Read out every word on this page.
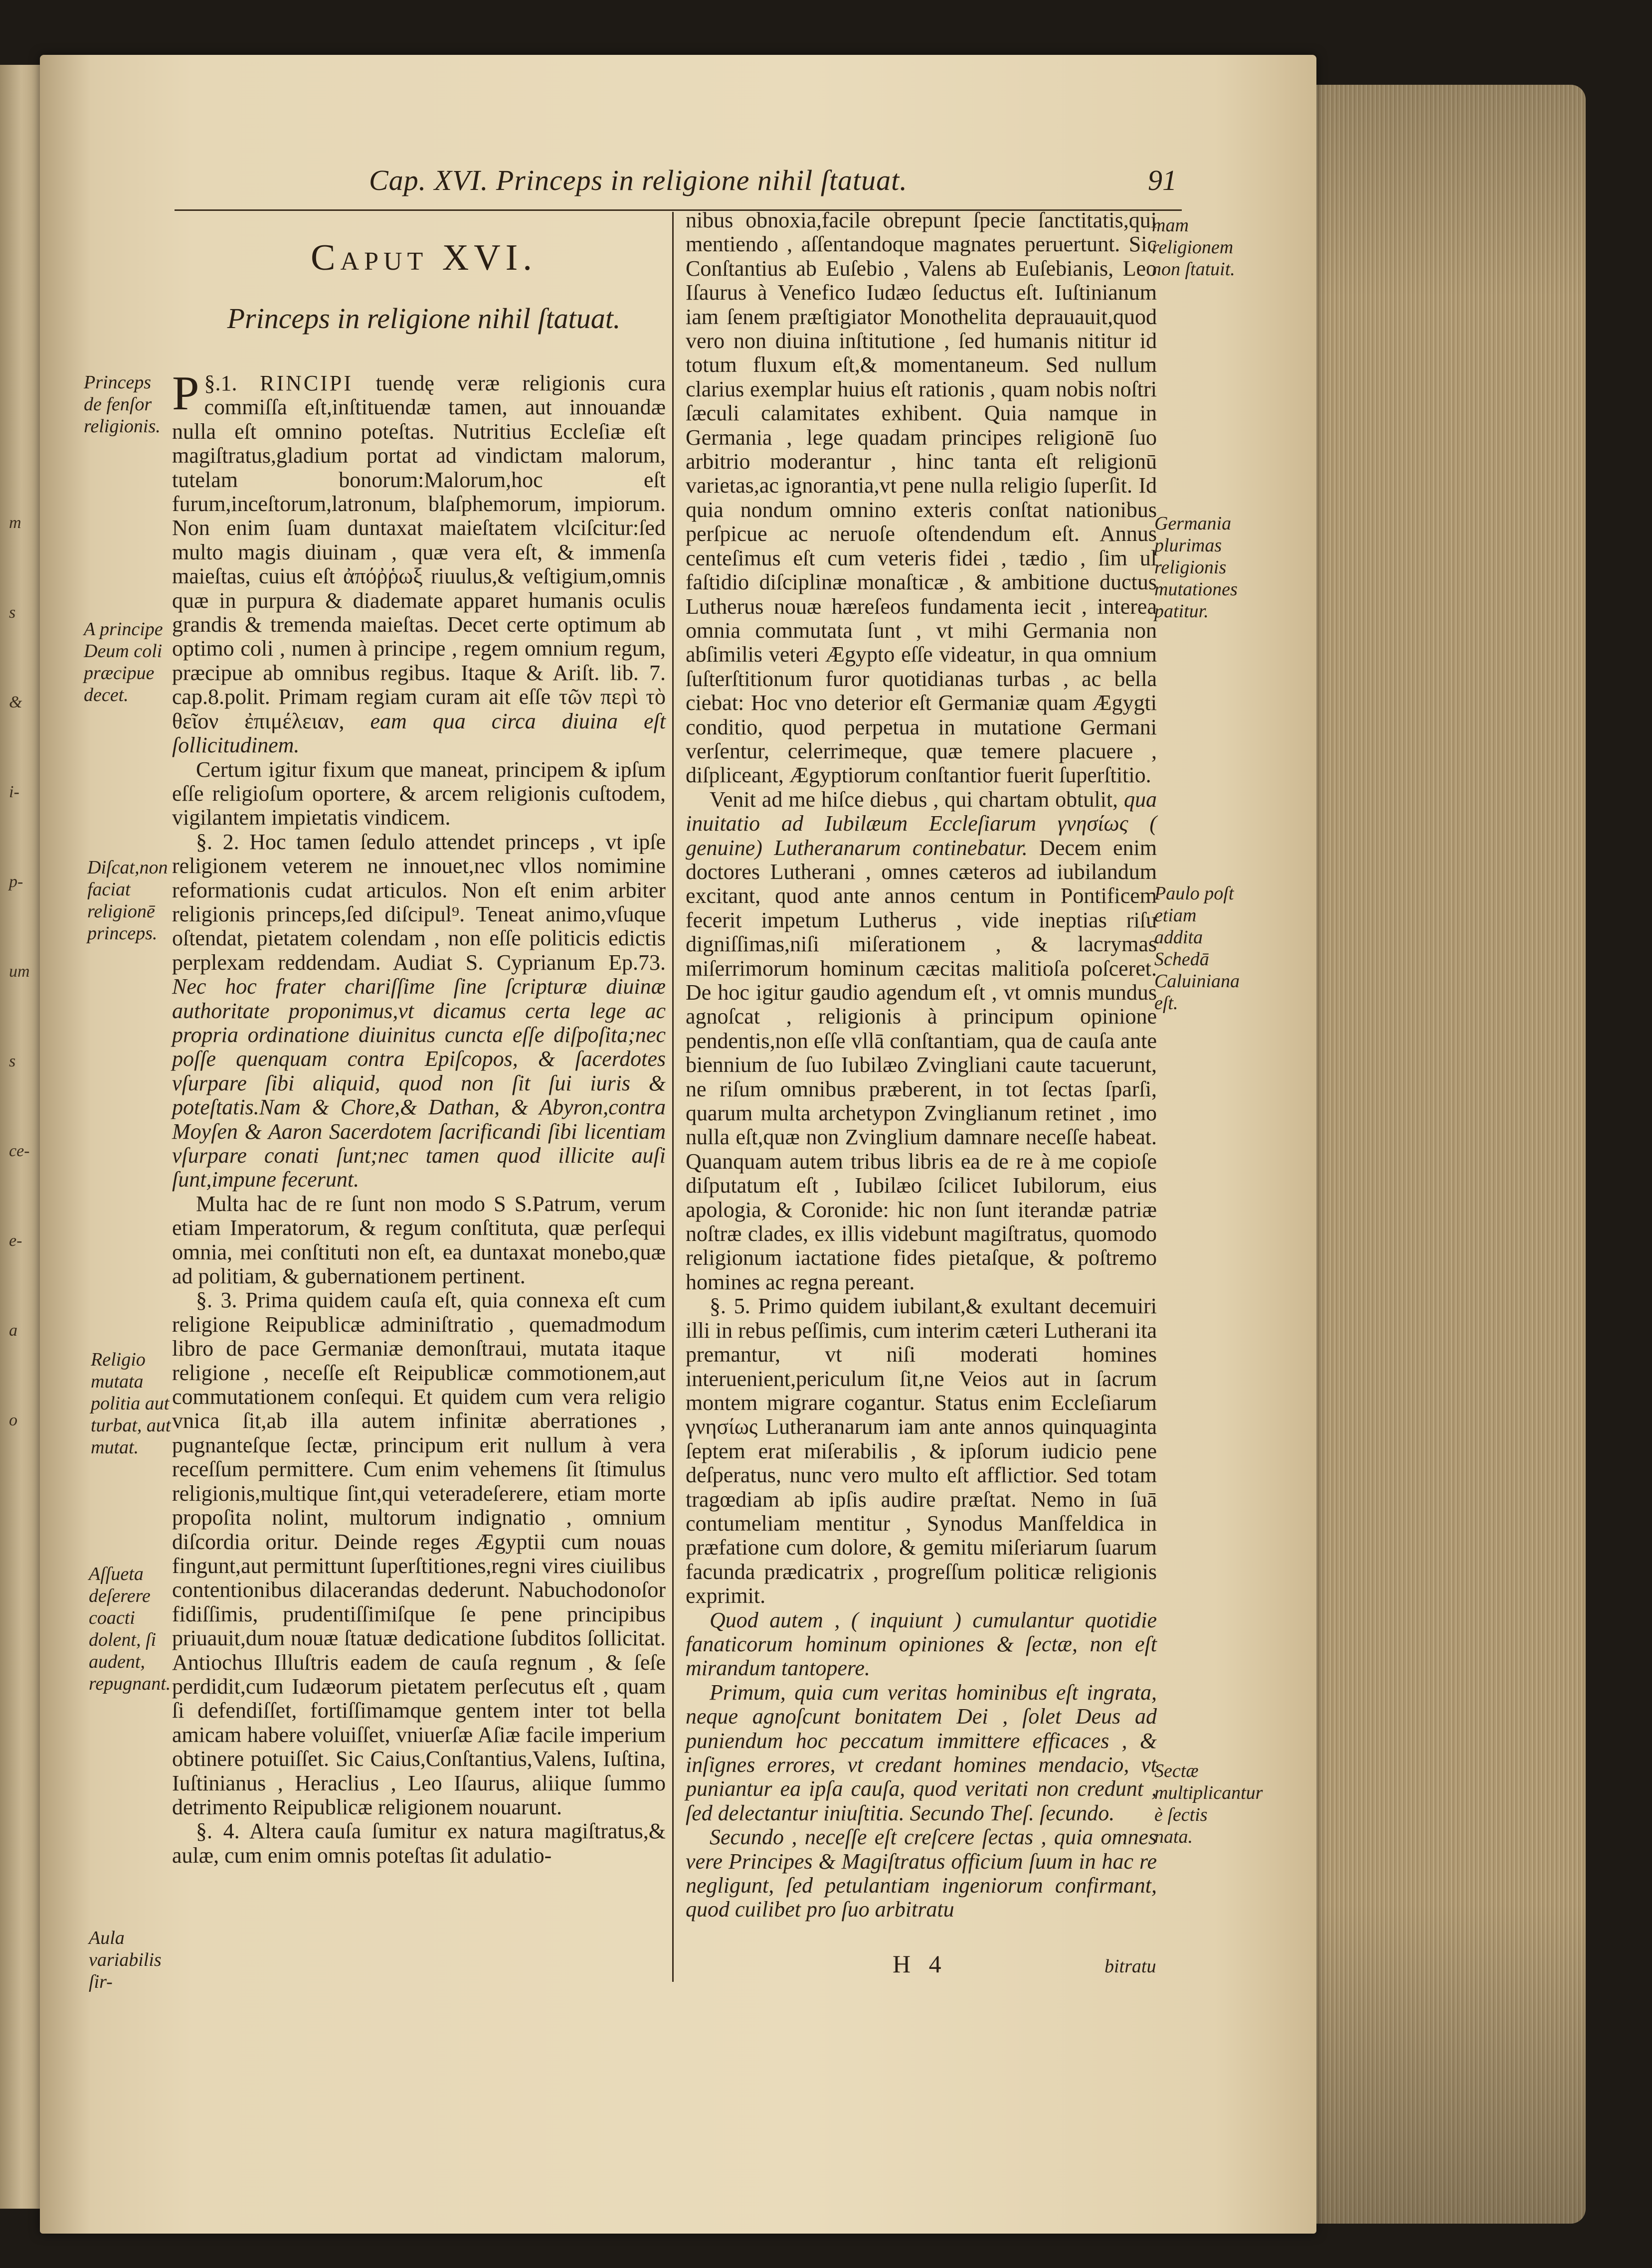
m
s
&
i-
p-
um
s
ce-
e-
a
o
Cap. XVI. Princeps in religione nihil ſtatuat.	91
Caput XVI.
Princeps in religione nihil ſtatuat.

§.1.
P	RINCIPI tuendę veræ religionis cura commiſſa eſt,inſtituendæ tamen, aut innouandæ nulla eſt omnino poteſtas. Nutritius Eccleſiæ eſt magiſtratus,gladium portat ad vindictam malorum, tutelam bonorum:Malorum,hoc eſt furum,inceſtorum,latronum, blaſphemorum, impiorum. Non enim ſuam duntaxat maieſtatem vlciſcitur:ſed multo magis diuinam , quæ vera eſt, & immenſa maieſtas, cuius eſt ἀπόῤῥωξ riuulus,& veſtigium,omnis quæ in purpura & diademate apparet humanis oculis grandis & tremenda maieſtas. Decet certe optimum ab optimo coli , numen à principe , regem omnium regum, præcipue ab omnibus regibus. Itaque & Ariſt. lib. 7. cap.8.polit. Primam regiam curam ait eſſe τῶν περὶ τὸ θεῖον ἐπιμέλειαν, eam qua circa diuina eſt ſollicitudinem.

Certum igitur fixum que maneat, principem & ipſum eſſe religioſum oportere, & arcem religionis cuſtodem, vigilantem impietatis vindicem.

§. 2. Hoc tamen ſedulo attendet princeps , vt ipſe religionem veterem ne innouet,nec vllos nomimine reformationis cudat articulos. Non eſt enim arbiter religionis princeps,ſed diſcipul⁹. Teneat animo,vſuque oſtendat, pietatem colendam , non eſſe politicis edictis perplexam reddendam. Audiat S. Cyprianum Ep.73. Nec hoc frater chariſſime ſine ſcripturæ diuinæ authoritate proponimus,vt dicamus certa lege ac propria ordinatione diuinitus cuncta eſſe diſpoſita;nec poſſe quenquam contra Epiſcopos, & ſacerdotes vſurpare ſibi aliquid, quod non ſit ſui iuris & poteſtatis.Nam & Chore,& Dathan, & Abyron,contra Moyſen & Aaron Sacerdotem ſacrificandi ſibi licentiam vſurpare conati ſunt;nec tamen quod illicite auſi ſunt,impune fecerunt.

Multa hac de re ſunt non modo S S.Patrum, verum etiam Imperatorum, & regum conſtituta, quæ perſequi omnia, mei conſtituti non eſt, ea duntaxat monebo,quæ ad politiam, & gubernationem pertinent.

§. 3. Prima quidem cauſa eſt, quia connexa eſt cum religione Reipublicæ adminiſtratio , quemadmodum libro de pace Germaniæ demonſtraui, mutata itaque religione , neceſſe eſt Reipublicæ commotionem,aut commutationem conſequi. Et quidem cum vera religio vnica ſit,ab illa autem infinitæ aberrationes , pugnanteſque ſectæ, principum erit nullum à vera receſſum permittere. Cum enim vehemens ſit ſtimulus religionis,multique ſint,qui veteradeſerere, etiam morte propoſita nolint, multorum indignatio , omnium diſcordia oritur. Deinde reges Ægyptii cum nouas fingunt,aut permittunt ſuperſtitiones,regni vires ciuilibus contentionibus dilacerandas dederunt. Nabuchodonoſor fidiſſimis, prudentiſſimiſque ſe pene principibus priuauit,dum nouæ ſtatuæ dedicatione ſubditos ſollicitat. Antiochus Illuſtris eadem de cauſa regnum , & ſeſe perdidit,cum Iudæorum pietatem perſecutus eſt , quam ſi defendiſſet, fortiſſimamque gentem inter tot bella amicam habere voluiſſet, vniuerſæ Aſiæ facile imperium obtinere potuiſſet. Sic Caius,Conſtantius,Valens, Iuſtina, Iuſtinianus , Heraclius , Leo Iſaurus, aliique ſummo detrimento Reipublicæ religionem nouarunt.

§. 4. Altera cauſa ſumitur ex natura magiſtratus,& aulæ, cum enim omnis poteſtas ſit adulatio-

nibus obnoxia,facile obrepunt ſpecie ſanctitatis,qui mentiendo , aſſentandoque magnates peruertunt. Sic Conſtantius ab Euſebio , Valens ab Euſebianis, Leo Iſaurus à Venefico Iudæo ſeductus eſt. Iuſtinianum iam ſenem præſtigiator Monothelita deprauauit,quod vero non diuina inſtitutione , ſed humanis nititur id totum fluxum eſt,& momentaneum. Sed nullum clarius exemplar huius eſt rationis , quam nobis noſtri ſæculi calamitates exhibent. Quia namque in Germania , lege quadam principes religionē ſuo arbitrio moderantur , hinc tanta eſt religionū varietas,ac ignorantia,vt pene nulla religio ſuperſit. Id quia nondum omnino exteris conſtat nationibus perſpicue ac neruoſe oſtendendum eſt. Annus centeſimus eſt cum veteris fidei , tædio , ſim ul faſtidio diſciplinæ monaſticæ , & ambitione ductus Lutherus nouæ hæreſeos fundamenta iecit , interea omnia commutata ſunt , vt mihi Germania non abſimilis veteri Ægypto eſſe videatur, in qua omnium ſuſterſtitionum furor quotidianas turbas , ac bella ciebat: Hoc vno deterior eſt Germaniæ quam Ægygti conditio, quod perpetua in mutatione Germani verſentur, celerrimeque, quæ temere placuere , diſpliceant, Ægyptiorum conſtantior fuerit ſuperſtitio.

Venit ad me hiſce diebus , qui chartam obtulit, qua inuitatio ad Iubilæum Eccleſiarum γνησίως ( genuine) Lutheranarum continebatur. Decem enim doctores Lutherani , omnes cæteros ad iubilandum excitant, quod ante annos centum in Pontificem fecerit impetum Lutherus , vide ineptias riſu digniſſimas,niſi miſerationem , & lacrymas miſerrimorum hominum cæcitas malitioſa poſceret. De hoc igitur gaudio agendum eſt , vt omnis mundus agnoſcat , religionis à principum opinione pendentis,non eſſe vllā conſtantiam, qua de cauſa ante biennium de ſuo Iubilæo Zvingliani caute tacuerunt, ne riſum omnibus præberent, in tot ſectas ſparſi, quarum multa archetypon Zvinglianum retinet , imo nulla eſt,quæ non Zvinglium damnare neceſſe habeat. Quanquam autem tribus libris ea de re à me copioſe diſputatum eſt , Iubilæo ſcilicet Iubilorum, eius apologia, & Coronide: hic non ſunt iterandæ patriæ noſtræ clades, ex illis videbunt magiſtratus, quomodo religionum iactatione fides pietaſque, & poſtremo homines ac regna pereant.

§. 5. Primo quidem iubilant,& exultant decemuiri illi in rebus peſſimis, cum interim cæteri Lutherani ita premantur, vt niſi moderati homines interuenient,periculum ſit,ne Veios aut in ſacrum montem migrare cogantur. Status enim Eccleſiarum γνησίως Lutheranarum iam ante annos quinquaginta ſeptem erat miſerabilis , & ipſorum iudicio pene deſperatus, nunc vero multo eſt afflictior. Sed totam tragœdiam ab ipſis audire præſtat. Nemo in ſuā contumeliam mentitur , Synodus Manſfeldica in præfatione cum dolore, & gemitu miſeriarum ſuarum facunda prædicatrix , progreſſum politicæ religionis exprimit.

Quod autem , ( inquiunt ) cumulantur quotidie fanaticorum hominum opiniones & ſectæ, non eſt mirandum tantopere.

Primum, quia cum veritas hominibus eſt ingrata, neque agnoſcunt bonitatem Dei , ſolet Deus ad puniendum hoc peccatum immittere efficaces , & inſignes errores, vt credant homines mendacio, vt puniantur ea ipſa cauſa, quod veritati non credunt , ſed delectantur iniuſtitia. Secundo Theſ. ſecundo.

Secundo , neceſſe eſt creſcere ſectas , quia omnes vere Principes & Magiſtratus officium ſuum in hac re negligunt, ſed petulantiam ingeniorum confirmant, quod cuilibet pro ſuo arbitratu

Princeps de fenſor religionis.
A principe Deum coli præcipue decet.
Diſcat,non faciat religionē princeps.
Religio mutata politia aut turbat, aut mutat.
Aſſueta deſerere coacti dolent, ſi audent, repugnant.
Aula variabilis ſir-
mam religionem non ſtatuit.
Germania plurimas religionis mutationes patitur.
Paulo poſt etiam addita Schedā Caluiniana eſt.
Sectæ multiplicantur è ſectis nata.
H 4	bitratu
